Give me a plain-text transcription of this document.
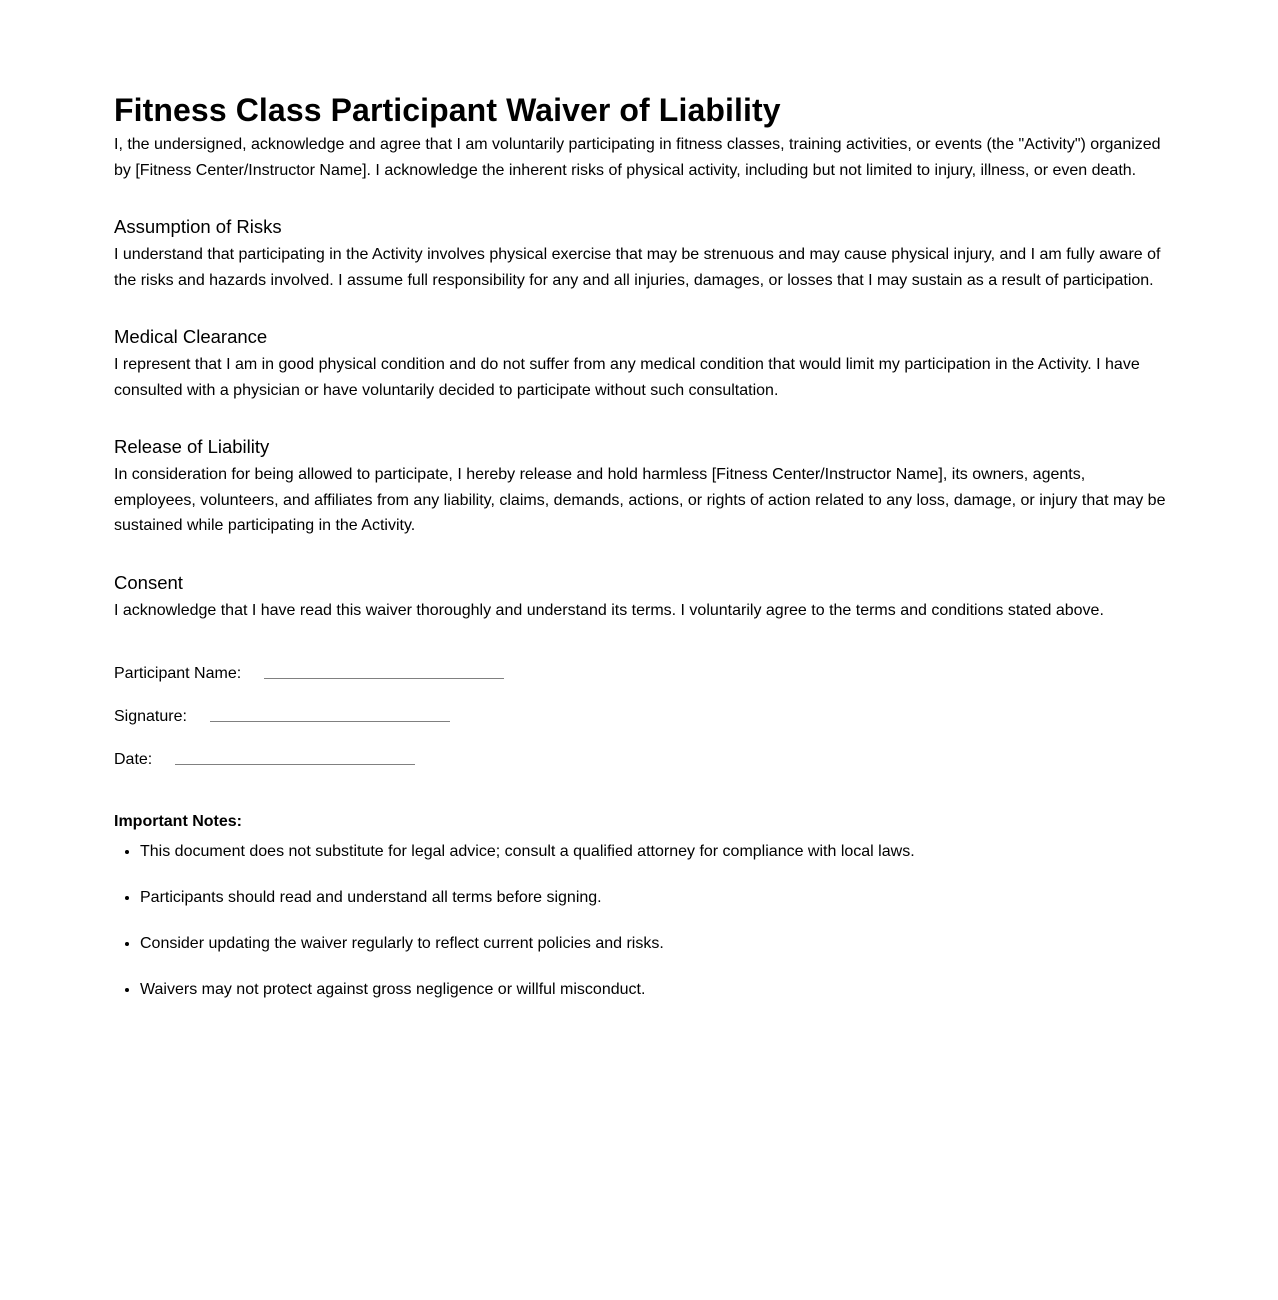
Fitness Class Participant Waiver of Liability

I, the undersigned, acknowledge and agree that I am voluntarily participating in fitness classes, training activities, or events (the "Activity") organized by [Fitness Center/Instructor Name]. I acknowledge the inherent risks of physical activity, including but not limited to injury, illness, or even death.

Assumption of Risks

I understand that participating in the Activity involves physical exercise that may be strenuous and may cause physical injury, and I am fully aware of the risks and hazards involved. I assume full responsibility for any and all injuries, damages, or losses that I may sustain as a result of participation.

Medical Clearance

I represent that I am in good physical condition and do not suffer from any medical condition that would limit my participation in the Activity. I have consulted with a physician or have voluntarily decided to participate without such consultation.

Release of Liability

In consideration for being allowed to participate, I hereby release and hold harmless [Fitness Center/Instructor Name], its owners, agents, employees, volunteers, and affiliates from any liability, claims, demands, actions, or rights of action related to any loss, damage, or injury that may be sustained while participating in the Activity.

Consent

I acknowledge that I have read this waiver thoroughly and understand its terms. I voluntarily agree to the terms and conditions stated above.

Participant Name:
Signature:
Date:
Important Notes:
• This document does not substitute for legal advice; consult a qualified attorney for compliance with local laws.
• Participants should read and understand all terms before signing.
• Consider updating the waiver regularly to reflect current policies and risks.
• Waivers may not protect against gross negligence or willful misconduct.
